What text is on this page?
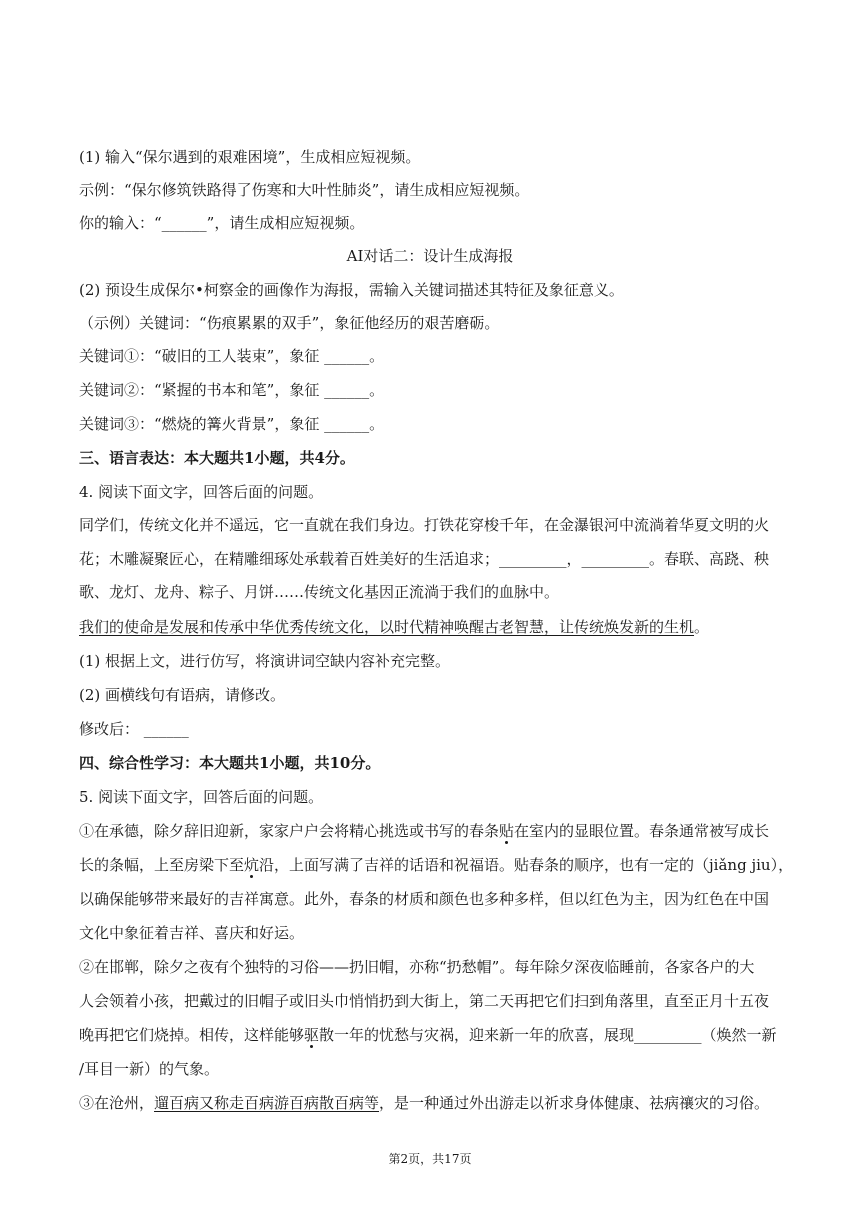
(1) 输入“保尔遇到的艰难困境”，生成相应短视频。
示例：“保尔修筑铁路得了伤寒和大叶性肺炎”，请生成相应短视频。
你的输入：“______”，请生成相应短视频。
AI对话二：设计生成海报
(2) 预设生成保尔•柯察金的画像作为海报，需输入关键词描述其特征及象征意义。
（示例）关键词：“伤痕累累的双手”，象征他经历的艰苦磨砺。
关键词①：“破旧的工人装束”，象征 ______。
关键词②：“紧握的书本和笔”，象征 ______。
关键词③：“燃烧的篝火背景”，象征 ______。
三、语言表达：本大题共1小题，共4分。
4. 阅读下面文字，回答后面的问题。
同学们，传统文化并不遥远，它一直就在我们身边。打铁花穿梭千年，在金瀑银河中流淌着华夏文明的火
花；木雕凝聚匠心，在精雕细琢处承载着百姓美好的生活追求；_________，_________。春联、高跷、秧
歌、龙灯、龙舟、粽子、月饼……传统文化基因正流淌于我们的血脉中。
我们的使命是发展和传承中华优秀传统文化，以时代精神唤醒古老智慧，让传统焕发新的生机。
(1) 根据上文，进行仿写，将演讲词空缺内容补充完整。
(2) 画横线句有语病，请修改。
修改后： ______
四、综合性学习：本大题共1小题，共10分。
5. 阅读下面文字，回答后面的问题。
①在承德，除夕辞旧迎新，家家户户会将精心挑选或书写的春条贴在室内的显眼位置。春条通常被写成长
长的条幅，上至房梁下至炕沿，上面写满了吉祥的话语和祝福语。贴春条的顺序，也有一定的（jiǎng jiu），
以确保能够带来最好的吉祥寓意。此外，春条的材质和颜色也多种多样，但以红色为主，因为红色在中国
文化中象征着吉祥、喜庆和好运。
②在邯郸，除夕之夜有个独特的习俗——扔旧帽，亦称“扔愁帽”。每年除夕深夜临睡前，各家各户的大
人会领着小孩，把戴过的旧帽子或旧头巾悄悄扔到大街上，第二天再把它们扫到角落里，直至正月十五夜
晚再把它们烧掉。相传，这样能够驱散一年的忧愁与灾祸，迎来新一年的欣喜，展现_________（焕然一新
/耳目一新）的气象。
③在沧州，遛百病又称走百病游百病散百病等，是一种通过外出游走以祈求身体健康、祛病禳灾的习俗。
第2页，共17页
